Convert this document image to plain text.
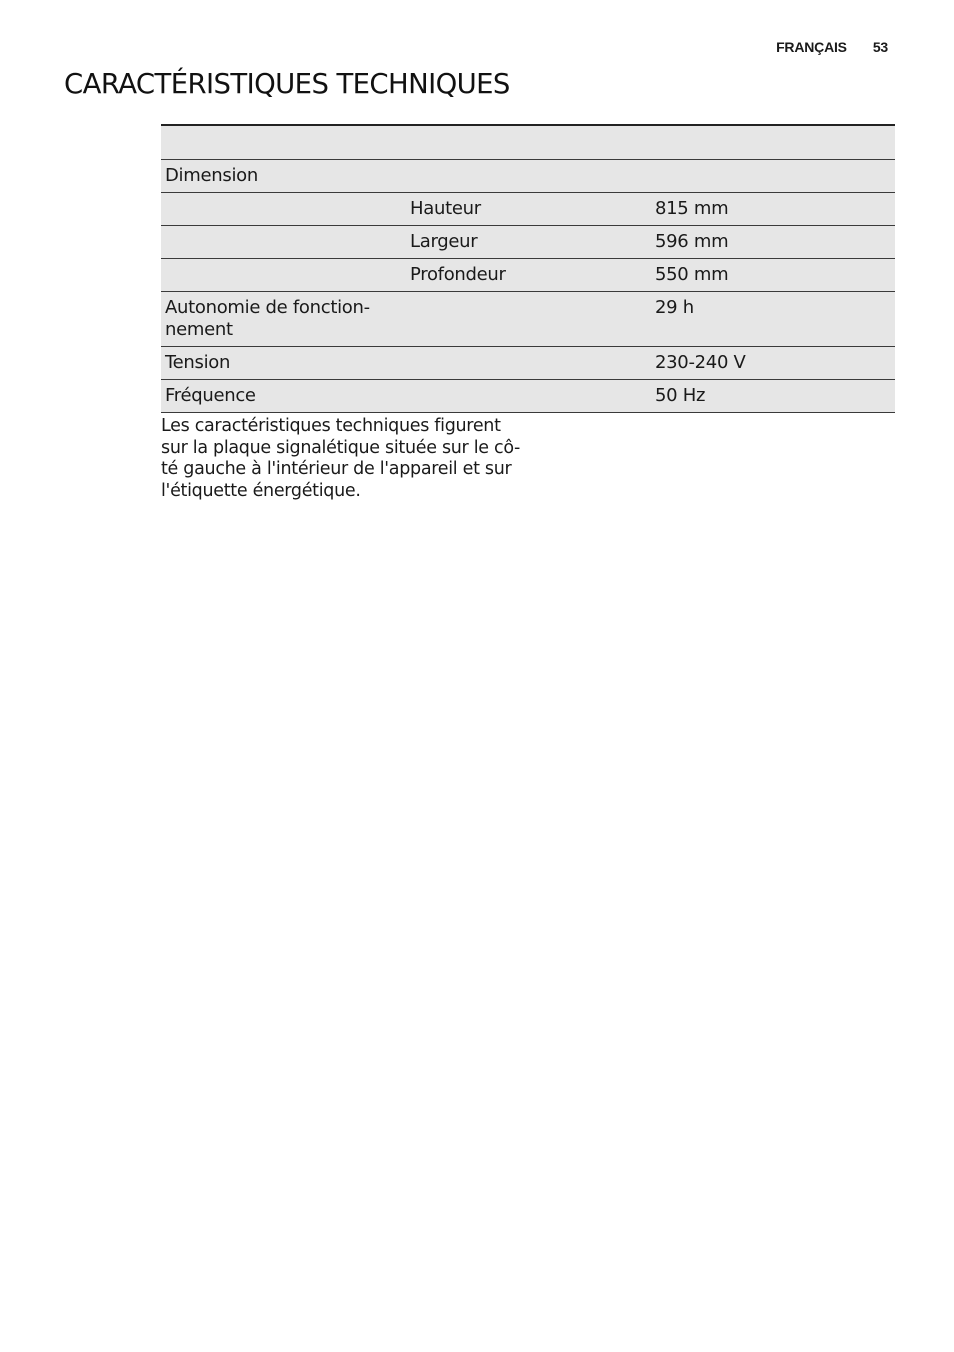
FRANÇAIS 53
CARACTÉRISTIQUES TECHNIQUES

Dimension		
	Hauteur	815 mm
	Largeur	596 mm
	Profondeur	550 mm
Autonomie de fonction-
nement		29 h
Tension		230-240 V
Fréquence		50 Hz

Les caractéristiques techniques figurent
sur la plaque signalétique située sur le cô-
té gauche à l'intérieur de l'appareil et sur
l'étiquette énergétique.
